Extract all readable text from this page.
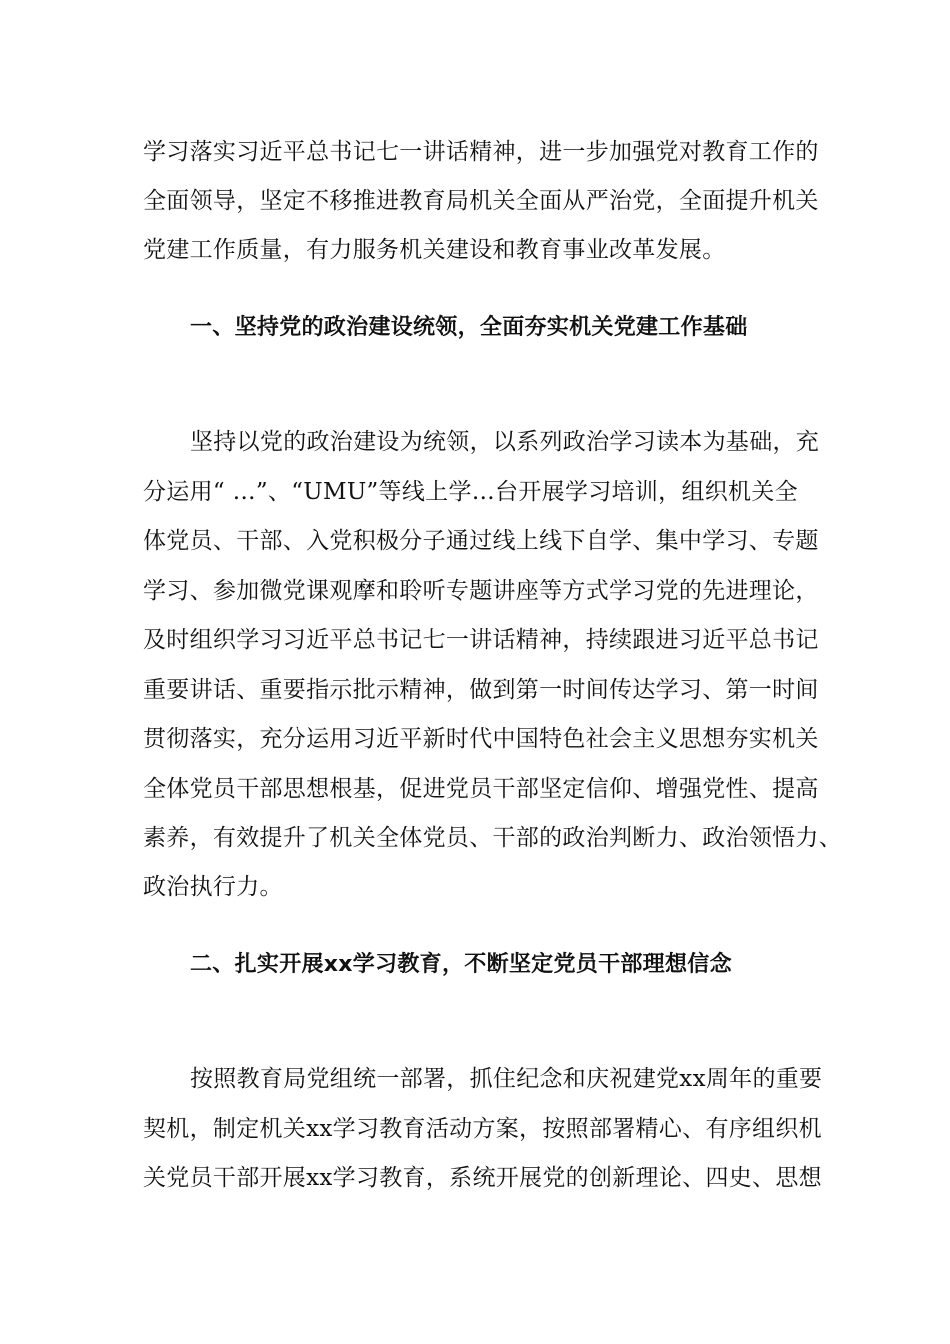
学习落实习近平总书记七一讲话精神，进一步加强党对教育工作的
全面领导，坚定不移推进教育局机关全面从严治党，全面提升机关
党建工作质量，有力服务机关建设和教育事业改革发展。
一、坚持党的政治建设统领，全面夯实机关党建工作基础
坚持以党的政治建设为统领，以系列政治学习读本为基础，充
分运用“ …”、“UMU”等线上学…台开展学习培训，组织机关全
体党员、干部、入党积极分子通过线上线下自学、集中学习、专题
学习、参加微党课观摩和聆听专题讲座等方式学习党的先进理论，
及时组织学习习近平总书记七一讲话精神，持续跟进习近平总书记
重要讲话、重要指示批示精神，做到第一时间传达学习、第一时间
贯彻落实，充分运用习近平新时代中国特色社会主义思想夯实机关
全体党员干部思想根基，促进党员干部坚定信仰、增强党性、提高
素养，有效提升了机关全体党员、干部的政治判断力、政治领悟力、
政治执行力。
二、扎实开展xx学习教育，不断坚定党员干部理想信念
按照教育局党组统一部署，抓住纪念和庆祝建党xx周年的重要
契机，制定机关xx学习教育活动方案，按照部署精心、有序组织机
关党员干部开展xx学习教育，系统开展党的创新理论、四史、思想
